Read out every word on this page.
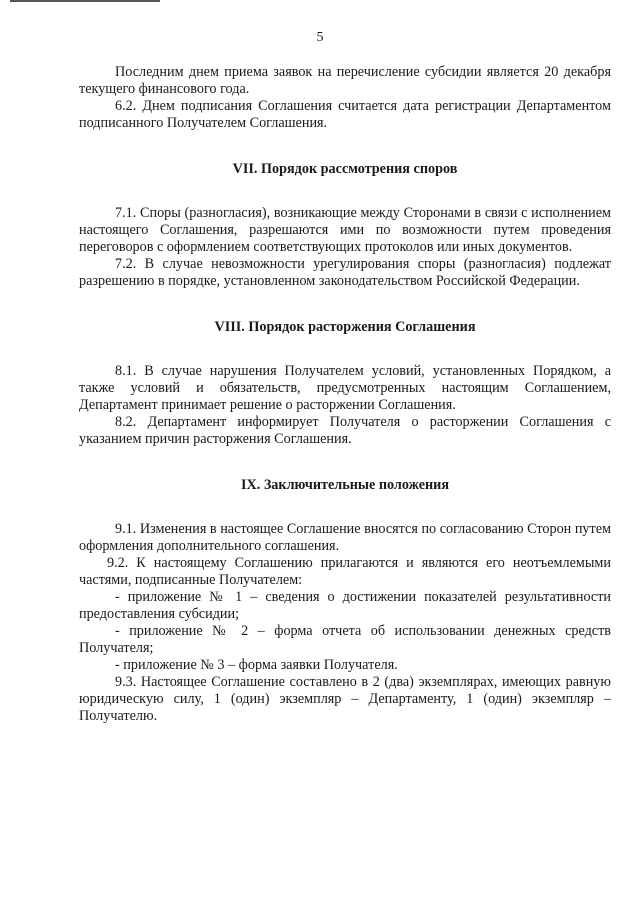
5

Последним днем приема заявок на перечисление субсидии является 20 декабря текущего финансового года.

6.2. Днем подписания Соглашения считается дата регистрации Департаментом подписанного Получателем Соглашения.

VII. Порядок рассмотрения споров

7.1. Споры (разногласия), возникающие между Сторонами в связи с исполнением настоящего Соглашения, разрешаются ими по возможности путем проведения переговоров с оформлением соответствующих протоколов или иных документов.

7.2. В случае невозможности урегулирования споры (разногласия) подлежат разрешению в порядке, установленном законодательством Российской Федерации.

VIII. Порядок расторжения Соглашения

8.1. В случае нарушения Получателем условий, установленных Порядком, а также условий и обязательств, предусмотренных настоящим Соглашением, Департамент принимает решение о расторжении Соглашения.

8.2. Департамент информирует Получателя о расторжении Соглашения с указанием причин расторжения Соглашения.

IX. Заключительные положения

9.1. Изменения в настоящее Соглашение вносятся по согласованию Сторон путем оформления дополнительного соглашения.

9.2. К настоящему Соглашению прилагаются и являются его неотъемлемыми частями, подписанные Получателем:

- приложение № 1 – сведения о достижении показателей результативности предоставления субсидии;

- приложение № 2 – форма отчета об использовании денежных средств Получателя;

- приложение № 3 – форма заявки Получателя.

9.3. Настоящее Соглашение составлено в 2 (два) экземплярах, имеющих равную юридическую силу, 1 (один) экземпляр – Департаменту, 1 (один) экземпляр – Получателю.
